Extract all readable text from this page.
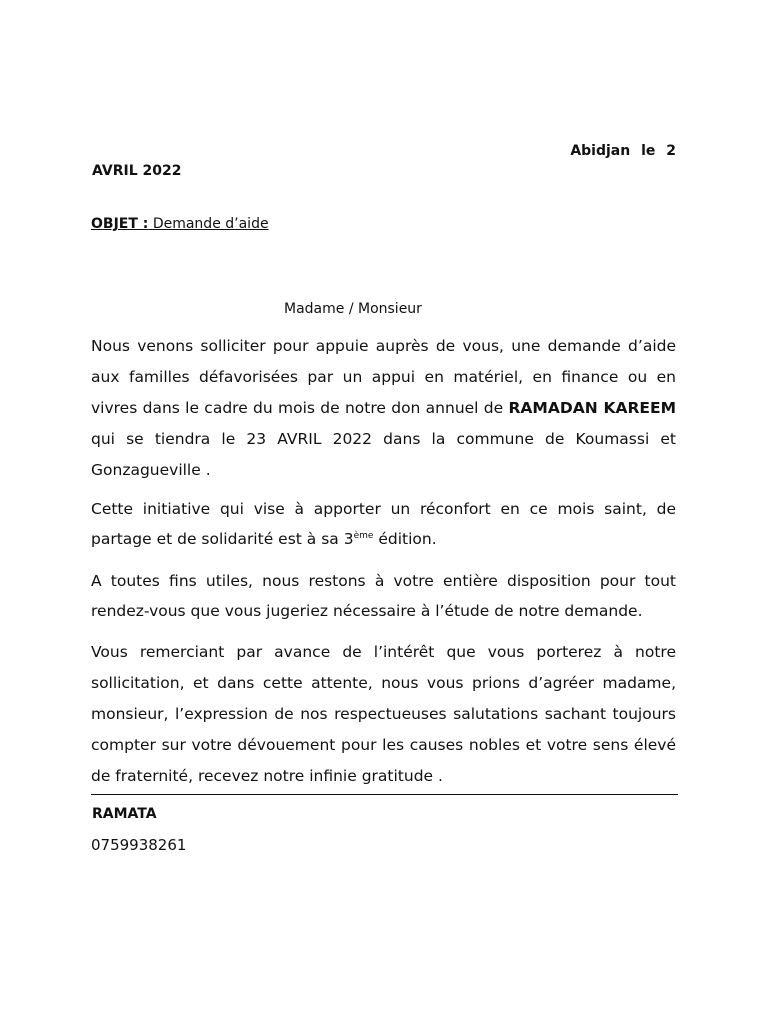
Abidjan le 2
AVRIL 2022
OBJET : Demande d’aide
Madame / Monsieur

Nous venons solliciter pour appuie auprès de vous, une demande d’aide aux familles défavorisées par un appui en matériel, en finance ou en vivres dans le cadre du mois de notre don annuel de RAMADAN KAREEM qui se tiendra le 23 AVRIL 2022 dans la commune de Koumassi et Gonzagueville .

Cette initiative qui vise à apporter un réconfort en ce mois saint, de partage et de solidarité est à sa 3ème édition.

A toutes fins utiles, nous restons à votre entière disposition pour tout rendez-vous que vous jugeriez nécessaire à l’étude de notre demande.

Vous remerciant par avance de l’intérêt que vous porterez à notre sollicitation, et dans cette attente, nous vous prions d’agréer madame, monsieur, l’expression de nos respectueuses salutations sachant toujours compter sur votre dévouement pour les causes nobles et votre sens élevé de fraternité, recevez notre infinie gratitude .

RAMATA
0759938261
